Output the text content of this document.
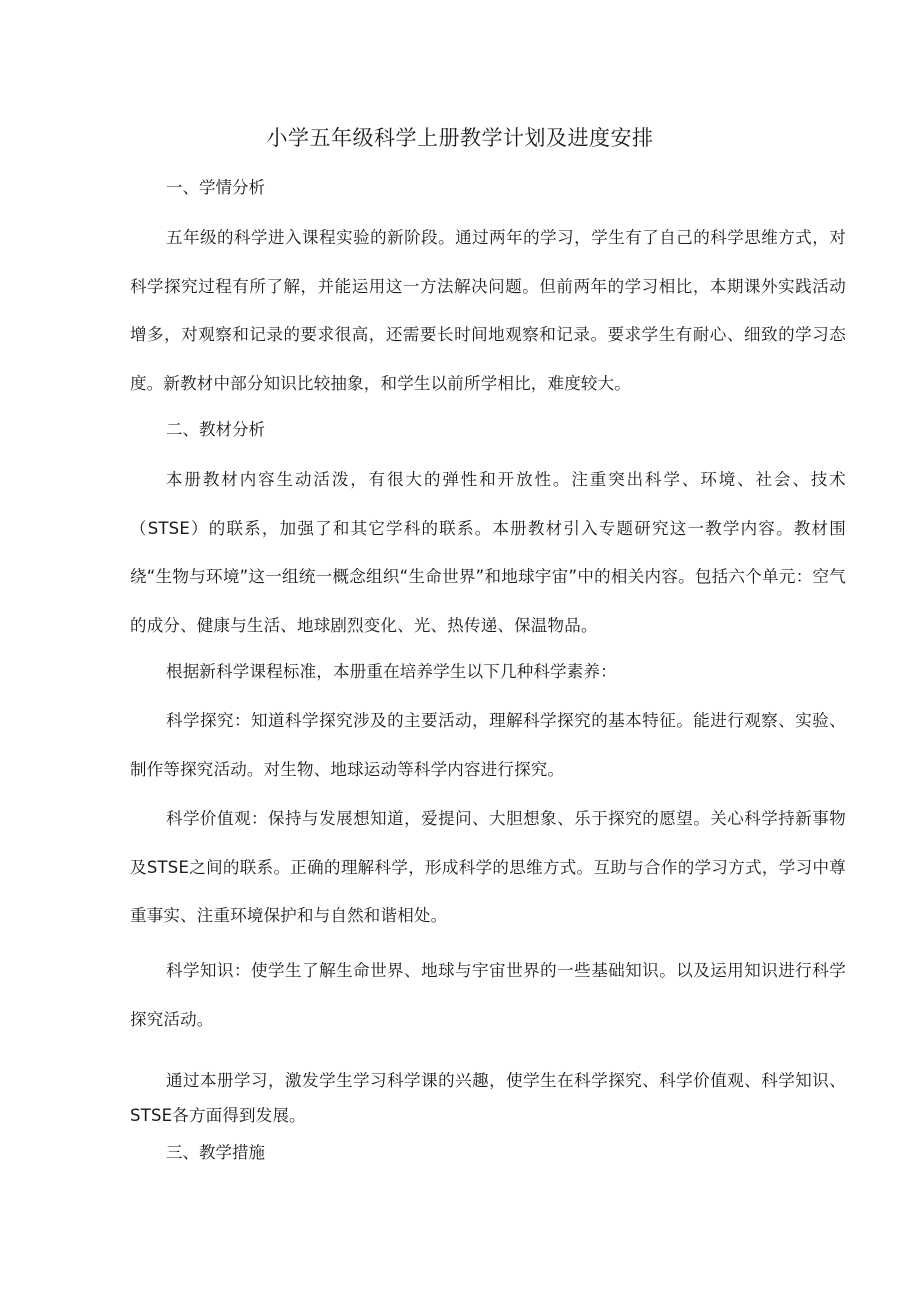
小学五年级科学上册教学计划及进度安排
一、学情分析

五年级的科学进入课程实验的新阶段。通过两年的学习，学生有了自己的科学思维方式，对科学探究过程有所了解，并能运用这一方法解决问题。但前两年的学习相比，本期课外实践活动增多，对观察和记录的要求很高，还需要长时间地观察和记录。要求学生有耐心、细致的学习态度。新教材中部分知识比较抽象，和学生以前所学相比，难度较大。

二、教材分析

本册教材内容生动活泼，有很大的弹性和开放性。注重突出科学、环境、社会、技术（STSE）的联系，加强了和其它学科的联系。本册教材引入专题研究这一教学内容。教材围绕“生物与环境”这一组统一概念组织“生命世界”和地球宇宙”中的相关内容。包括六个单元：空气的成分、健康与生活、地球剧烈变化、光、热传递、保温物品。

根据新科学课程标准，本册重在培养学生以下几种科学素养：

科学探究：知道科学探究涉及的主要活动，理解科学探究的基本特征。能进行观察、实验、制作等探究活动。对生物、地球运动等科学内容进行探究。

科学价值观：保持与发展想知道，爱提问、大胆想象、乐于探究的愿望。关心科学持新事物及STSE之间的联系。正确的理解科学，形成科学的思维方式。互助与合作的学习方式，学习中尊重事实、注重环境保护和与自然和谐相处。

科学知识：使学生了解生命世界、地球与宇宙世界的一些基础知识。以及运用知识进行科学探究活动。

通过本册学习，激发学生学习科学课的兴趣，使学生在科学探究、科学价值观、科学知识、STSE各方面得到发展。

三、教学措施
